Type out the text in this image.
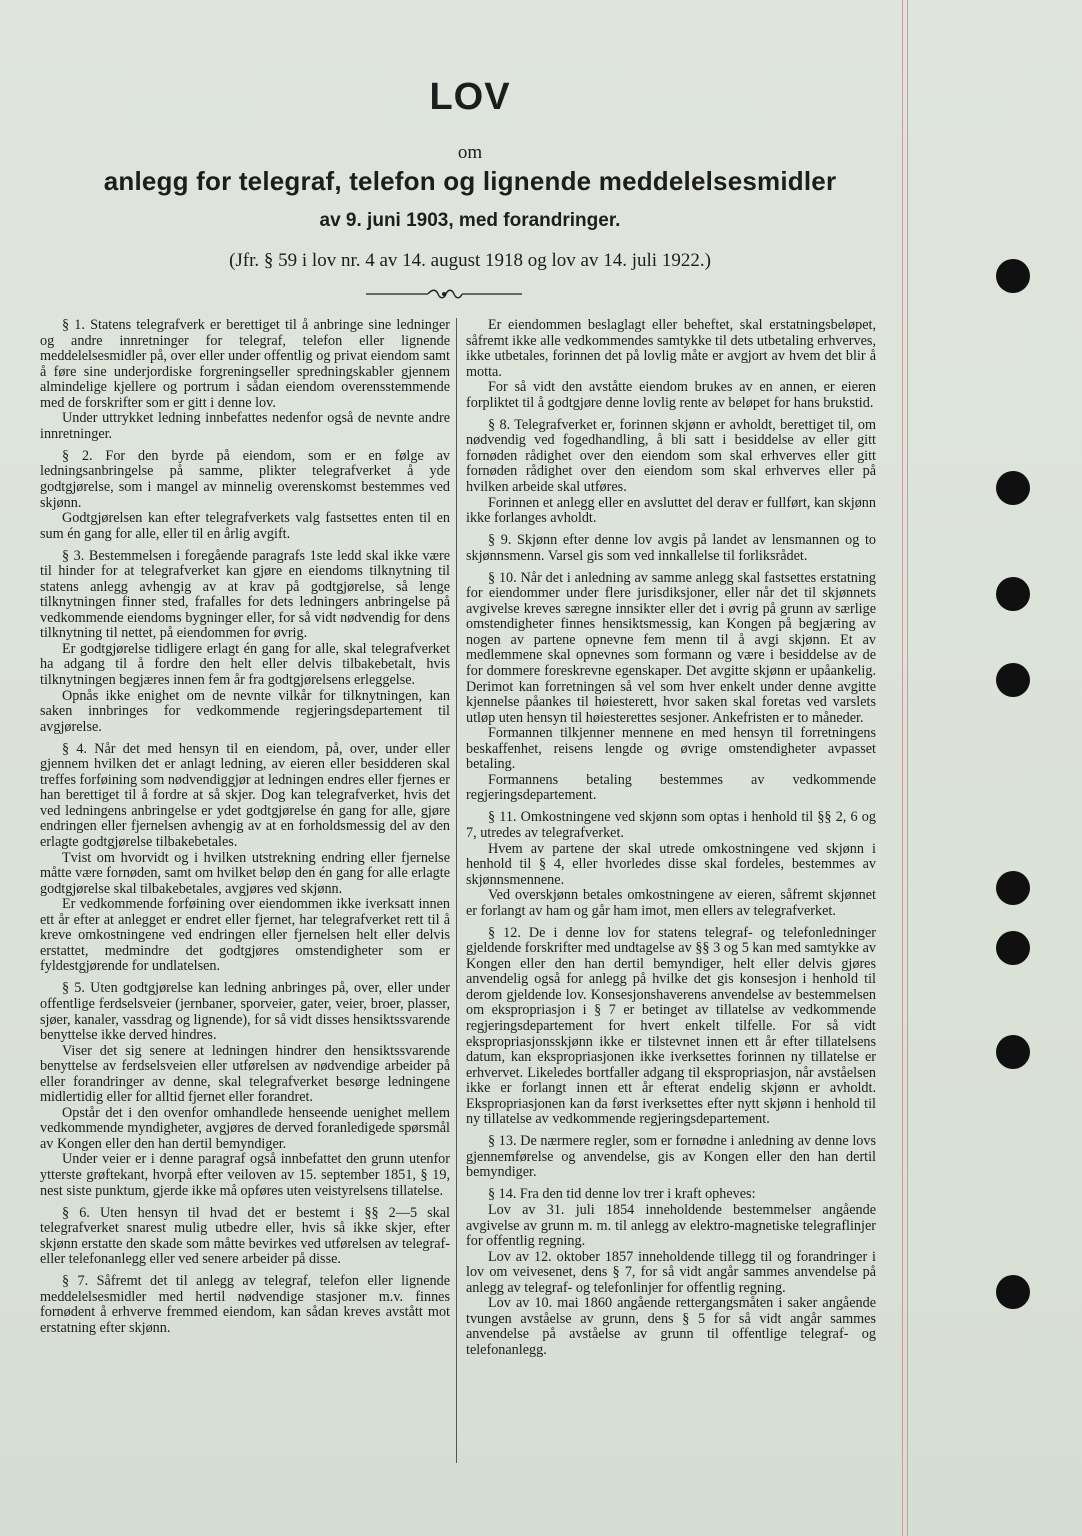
LOV
om
anlegg for telegraf, telefon og lignende meddelelsesmidler
av 9. juni 1903, med forandringer.
(Jfr. § 59 i lov nr. 4 av 14. august 1918 og lov av 14. juli 1922.)

§ 1. Statens telegrafverk er berettiget til å anbringe sine ledninger og andre innretninger for telegraf, telefon eller lignende meddelelsesmidler på, over eller under offentlig og privat eiendom samt å føre sine underjordiske forgreningseller spredningskabler gjennem almindelige kjellere og portrum i sådan eiendom overensstemmende med de forskrifter som er gitt i denne lov.

Under uttrykket ledning innbefattes nedenfor også de nevnte andre innretninger.

§ 2. For den byrde på eiendom, som er en følge av ledningsanbringelse på samme, plikter telegrafverket å yde godtgjørelse, som i mangel av minnelig overenskomst bestemmes ved skjønn.

Godtgjørelsen kan efter telegrafverkets valg fastsettes enten til en sum én gang for alle, eller til en årlig avgift.

§ 3. Bestemmelsen i foregående paragrafs 1ste ledd skal ikke være til hinder for at telegrafverket kan gjøre en eiendoms tilknytning til statens anlegg avhengig av at krav på godtgjørelse, så lenge tilknytningen finner sted, frafalles for dets ledningers anbringelse på vedkommende eiendoms bygninger eller, for så vidt nødvendig for dens tilknytning til nettet, på eiendommen for øvrig.

Er godtgjørelse tidligere erlagt én gang for alle, skal telegrafverket ha adgang til å fordre den helt eller delvis tilbakebetalt, hvis tilknytningen begjæres innen fem år fra godtgjørelsens erleggelse.

Opnås ikke enighet om de nevnte vilkår for tilknytningen, kan saken innbringes for vedkommende regjeringsdepartement til avgjørelse.

§ 4. Når det med hensyn til en eiendom, på, over, under eller gjennem hvilken det er anlagt ledning, av eieren eller besidderen skal treffes forføining som nødvendiggjør at ledningen endres eller fjernes er han berettiget til å fordre at så skjer. Dog kan telegrafverket, hvis det ved ledningens anbringelse er ydet godtgjørelse én gang for alle, gjøre endringen eller fjernelsen avhengig av at en forholdsmessig del av den erlagte godtgjørelse tilbakebetales.

Tvist om hvorvidt og i hvilken utstrekning endring eller fjernelse måtte være fornøden, samt om hvilket beløp den én gang for alle erlagte godtgjørelse skal tilbakebetales, avgjøres ved skjønn.

Er vedkommende forføining over eiendommen ikke iverksatt innen ett år efter at anlegget er endret eller fjernet, har telegrafverket rett til å kreve omkostningene ved endringen eller fjernelsen helt eller delvis erstattet, medmindre det godtgjøres omstendigheter som er fyldestgjørende for undlatelsen.

§ 5. Uten godtgjørelse kan ledning anbringes på, over, eller under offentlige ferdselsveier (jernbaner, sporveier, gater, veier, broer, plasser, sjøer, kanaler, vassdrag og lignende), for så vidt disses hensiktssvarende benyttelse ikke derved hindres.

Viser det sig senere at ledningen hindrer den hensiktssvarende benyttelse av ferdselsveien eller utførelsen av nødvendige arbeider på eller forandringer av denne, skal telegrafverket besørge ledningene midlertidig eller for alltid fjernet eller forandret.

Opstår det i den ovenfor omhandlede henseende uenighet mellem vedkommende myndigheter, avgjøres de derved foranledigede spørsmål av Kongen eller den han dertil bemyndiger.

Under veier er i denne paragraf også innbefattet den grunn utenfor ytterste grøftekant, hvorpå efter veiloven av 15. september 1851, § 19, nest siste punktum, gjerde ikke må opføres uten veistyrelsens tillatelse.

§ 6. Uten hensyn til hvad det er bestemt i §§ 2—5 skal telegrafverket snarest mulig utbedre eller, hvis så ikke skjer, efter skjønn erstatte den skade som måtte bevirkes ved utførelsen av telegraf- eller telefonanlegg eller ved senere arbeider på disse.

§ 7. Såfremt det til anlegg av telegraf, telefon eller lignende meddelelsesmidler med hertil nødvendige stasjoner m.v. finnes fornødent å erhverve fremmed eiendom, kan sådan kreves avstått mot erstatning efter skjønn.

Er eiendommen beslaglagt eller beheftet, skal erstatningsbeløpet, såfremt ikke alle vedkommendes samtykke til dets utbetaling erhverves, ikke utbetales, forinnen det på lovlig måte er avgjort av hvem det blir å motta.

For så vidt den avståtte eiendom brukes av en annen, er eieren forpliktet til å godtgjøre denne lovlig rente av beløpet for hans brukstid.

§ 8. Telegrafverket er, forinnen skjønn er avholdt, berettiget til, om nødvendig ved fogedhandling, å bli satt i besiddelse av eller gitt fornøden rådighet over den eiendom som skal erhverves eller gitt fornøden rådighet over den eiendom som skal erhverves eller på hvilken arbeide skal utføres.

Forinnen et anlegg eller en avsluttet del derav er fullført, kan skjønn ikke forlanges avholdt.

§ 9. Skjønn efter denne lov avgis på landet av lensmannen og to skjønnsmenn. Varsel gis som ved innkallelse til forliksrådet.

§ 10. Når det i anledning av samme anlegg skal fastsettes erstatning for eiendommer under flere jurisdiksjoner, eller når det til skjønnets avgivelse kreves særegne innsikter eller det i øvrig på grunn av særlige omstendigheter finnes hensiktsmessig, kan Kongen på begjæring av nogen av partene opnevne fem menn til å avgi skjønn. Et av medlemmene skal opnevnes som formann og være i besiddelse av de for dommere foreskrevne egenskaper. Det avgitte skjønn er upåankelig. Derimot kan forretningen så vel som hver enkelt under denne avgitte kjennelse påankes til høiesterett, hvor saken skal foretas ved varslets utløp uten hensyn til høiesterettes sesjoner. Ankefristen er to måneder.

Formannen tilkjenner mennene en med hensyn til forretningens beskaffenhet, reisens lengde og øvrige omstendigheter avpasset betaling.

Formannens betaling bestemmes av vedkommende regjeringsdepartement.

§ 11. Omkostningene ved skjønn som optas i henhold til §§ 2, 6 og 7, utredes av telegrafverket.

Hvem av partene der skal utrede omkostningene ved skjønn i henhold til § 4, eller hvorledes disse skal fordeles, bestemmes av skjønnsmennene.

Ved overskjønn betales omkostningene av eieren, såfremt skjønnet er forlangt av ham og går ham imot, men ellers av telegrafverket.

§ 12. De i denne lov for statens telegraf- og telefonledninger gjeldende forskrifter med undtagelse av §§ 3 og 5 kan med samtykke av Kongen eller den han dertil bemyndiger, helt eller delvis gjøres anvendelig også for anlegg på hvilke det gis konsesjon i henhold til derom gjeldende lov. Konsesjonshaverens anvendelse av bestemmelsen om ekspropriasjon i § 7 er betinget av tillatelse av vedkommende regjeringsdepartement for hvert enkelt tilfelle. For så vidt ekspropriasjonsskjønn ikke er tilstevnet innen ett år efter tillatelsens datum, kan ekspropriasjonen ikke iverksettes forinnen ny tillatelse er erhvervet. Likeledes bortfaller adgang til ekspropriasjon, når avståelsen ikke er forlangt innen ett år efterat endelig skjønn er avholdt. Ekspropriasjonen kan da først iverksettes efter nytt skjønn i henhold til ny tillatelse av vedkommende regjeringsdepartement.

§ 13. De nærmere regler, som er fornødne i anledning av denne lovs gjennemførelse og anvendelse, gis av Kongen eller den han dertil bemyndiger.

§ 14. Fra den tid denne lov trer i kraft opheves:

Lov av 31. juli 1854 inneholdende bestemmelser angående avgivelse av grunn m. m. til anlegg av elektro-magnetiske telegraflinjer for offentlig regning.

Lov av 12. oktober 1857 inneholdende tillegg til og forandringer i lov om veivesenet, dens § 7, for så vidt angår sammes anvendelse på anlegg av telegraf- og telefonlinjer for offentlig regning.

Lov av 10. mai 1860 angående rettergangsmåten i saker angående tvungen avståelse av grunn, dens § 5 for så vidt angår sammes anvendelse på avståelse av grunn til offentlige telegraf- og telefonanlegg.
